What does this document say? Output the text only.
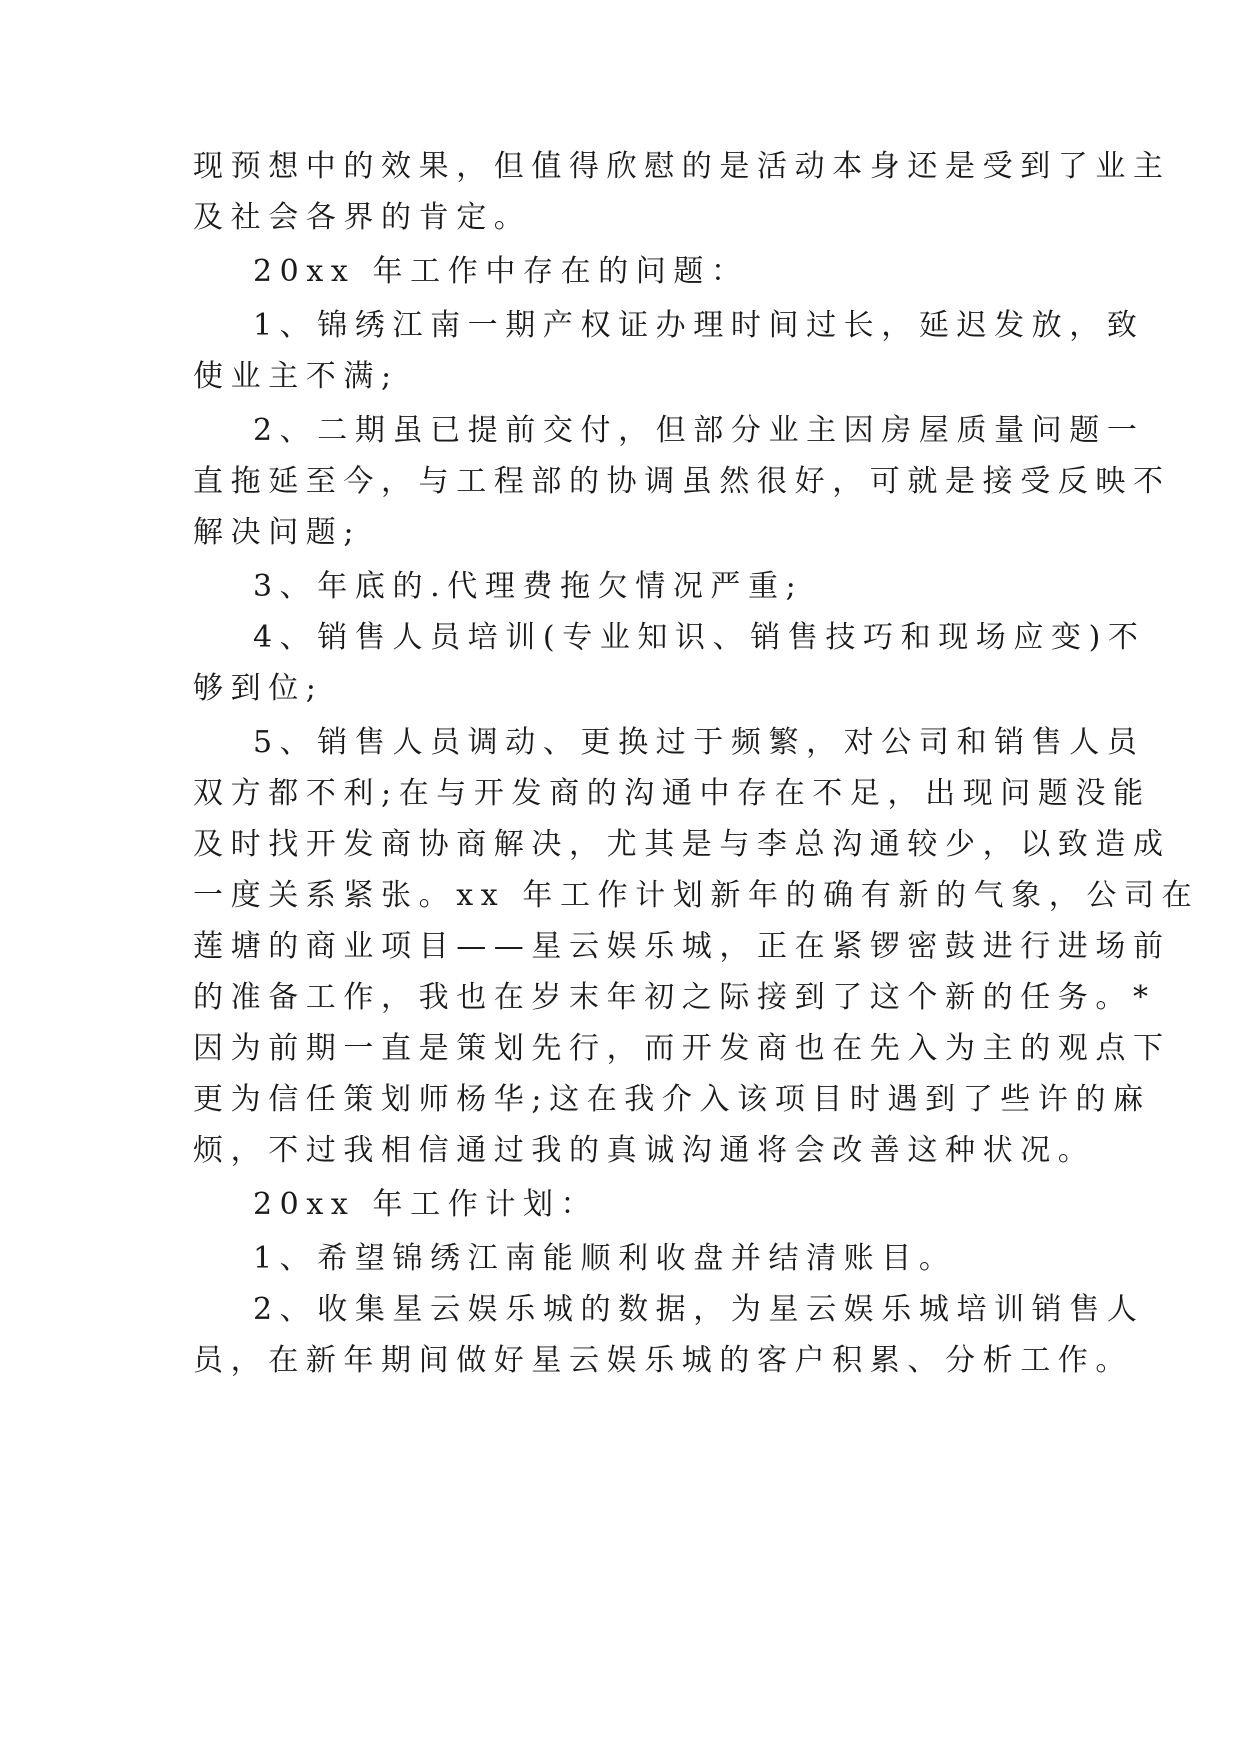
现预想中的效果，但值得欣慰的是活动本身还是受到了业主
及社会各界的肯定。
20xx 年工作中存在的问题：
1、锦绣江南一期产权证办理时间过长，延迟发放，致
使业主不满;
2、二期虽已提前交付，但部分业主因房屋质量问题一
直拖延至今，与工程部的协调虽然很好，可就是接受反映不
解决问题;
3、年底的.代理费拖欠情况严重;
4、销售人员培训(专业知识、销售技巧和现场应变)不
够到位;
5、销售人员调动、更换过于频繁，对公司和销售人员
双方都不利;在与开发商的沟通中存在不足，出现问题没能
及时找开发商协商解决，尤其是与李总沟通较少，以致造成
一度关系紧张。xx 年工作计划新年的确有新的气象，公司在
莲塘的商业项目——星云娱乐城，正在紧锣密鼓进行进场前
的准备工作，我也在岁末年初之际接到了这个新的任务。*
因为前期一直是策划先行，而开发商也在先入为主的观点下
更为信任策划师杨华;这在我介入该项目时遇到了些许的麻
烦，不过我相信通过我的真诚沟通将会改善这种状况。
20xx 年工作计划：
1、希望锦绣江南能顺利收盘并结清账目。
2、收集星云娱乐城的数据，为星云娱乐城培训销售人
员，在新年期间做好星云娱乐城的客户积累、分析工作。
